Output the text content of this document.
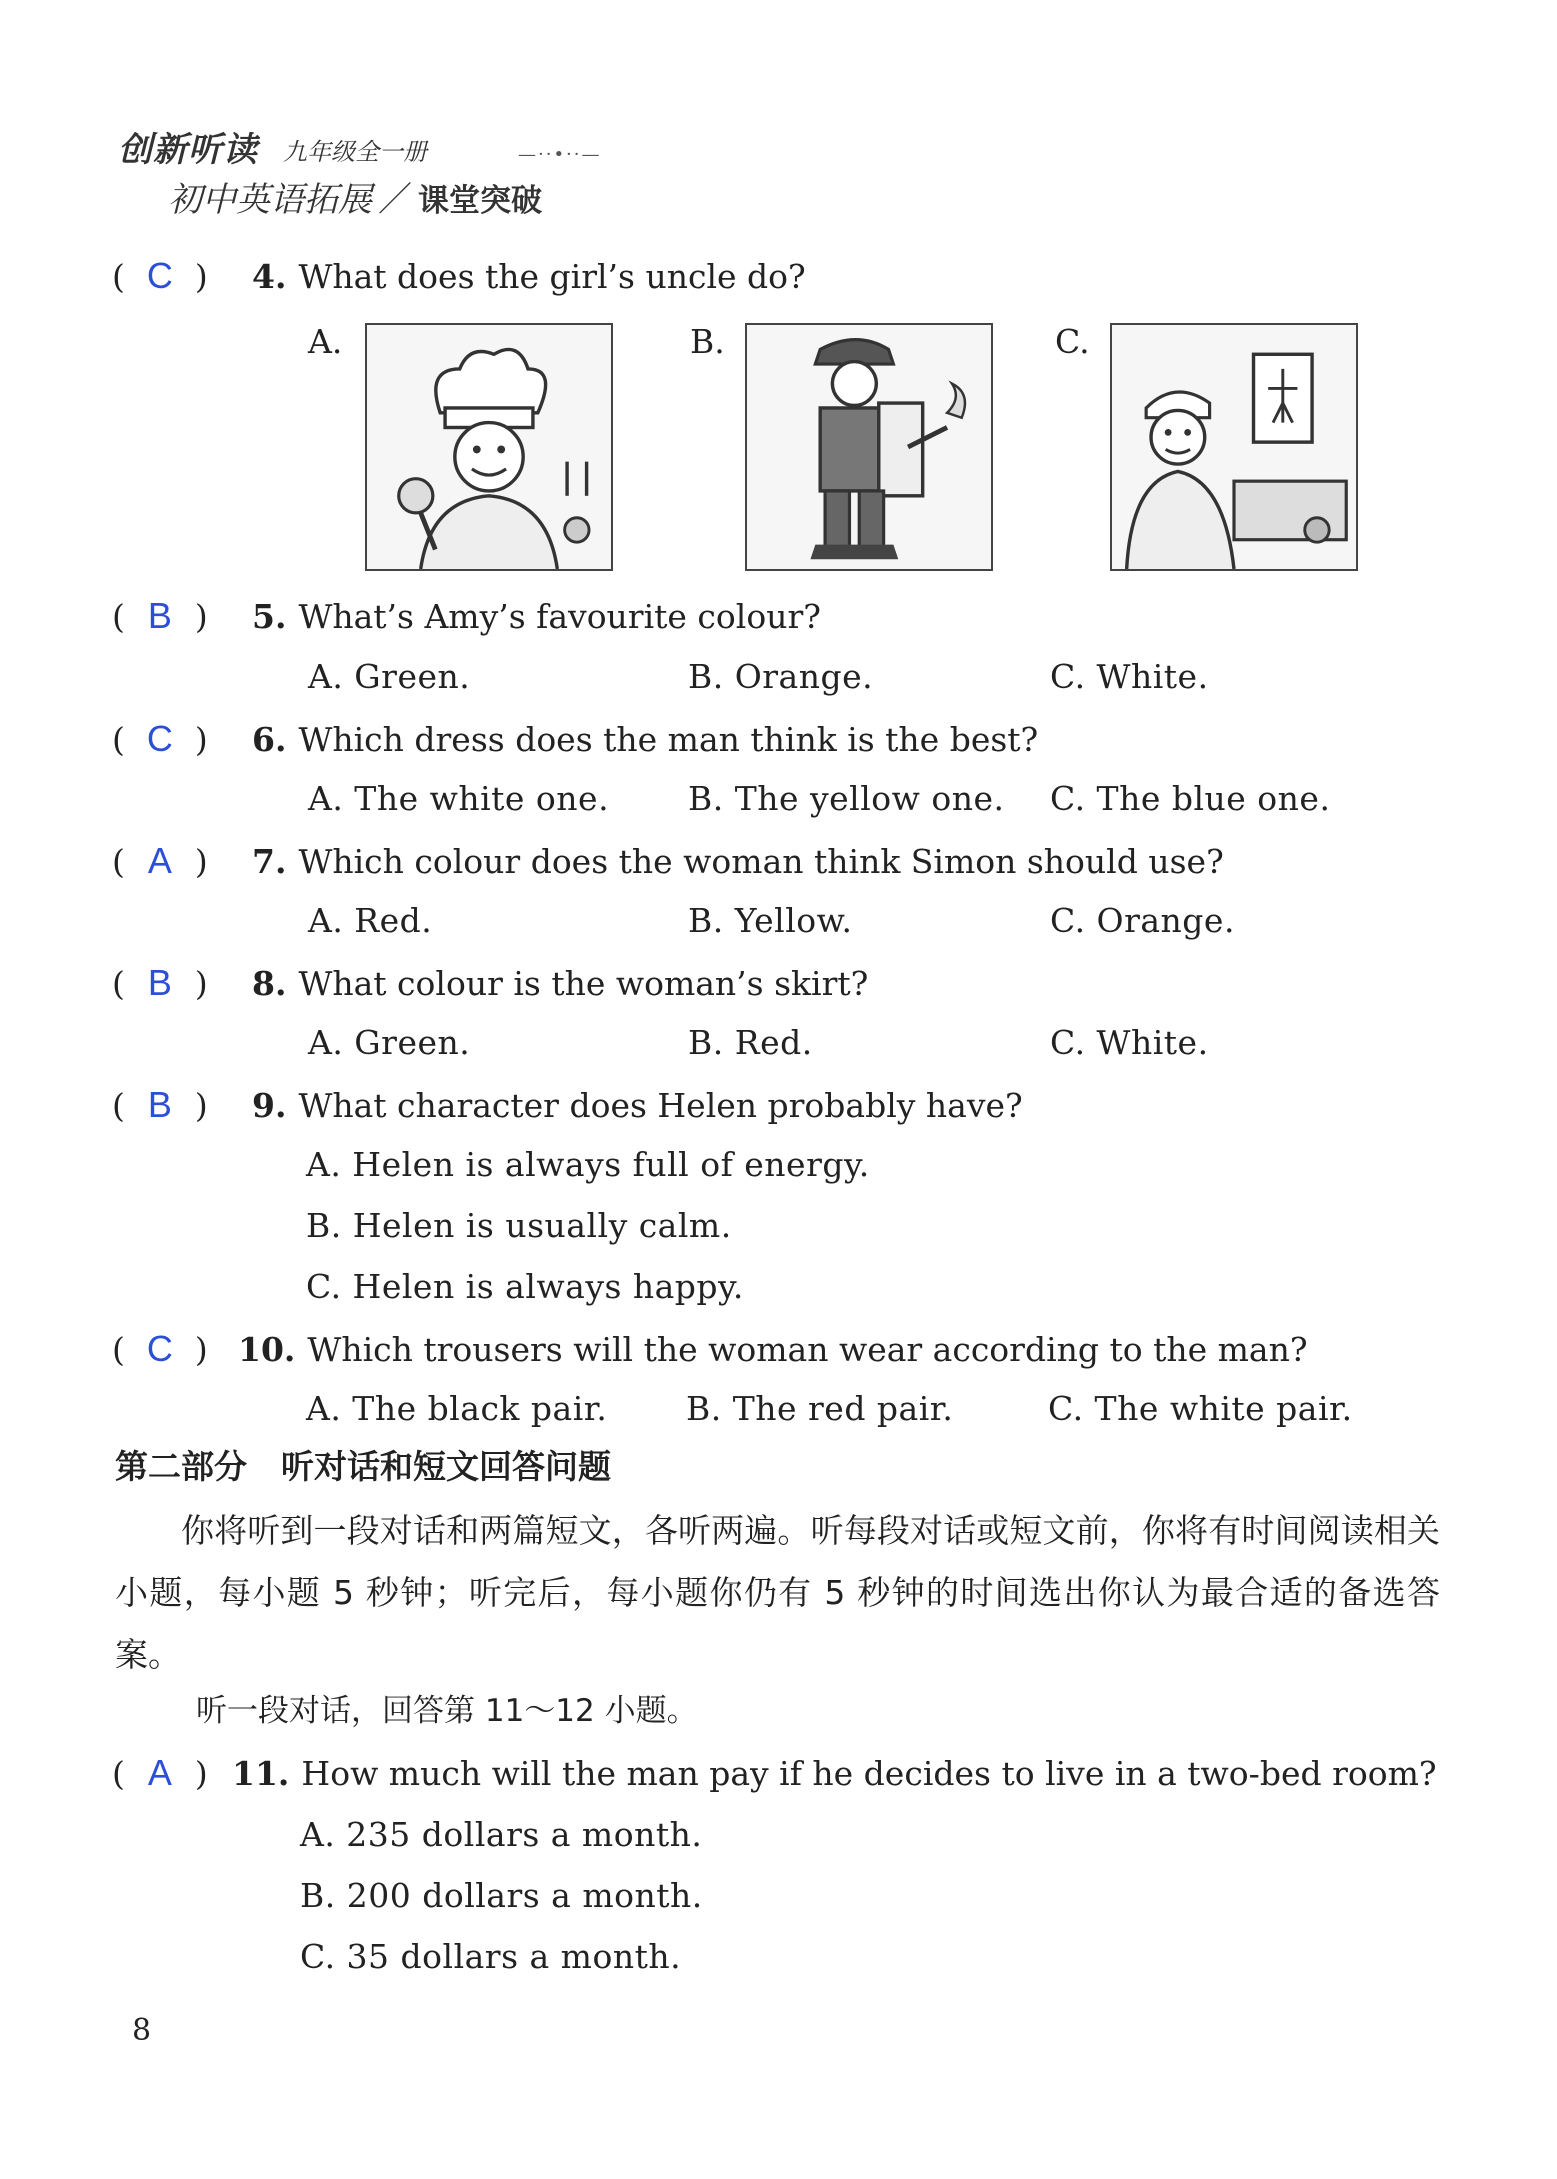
创新听读 九年级全一册	—··•··—
初中英语拓展 ／ 课堂突破
( C ) 4. What does the girl’s uncle do?
A.	B.	C.
( B ) 5. What’s Amy’s favourite colour?
A. Green.	B. Orange.	C. White.
( C ) 6. Which dress does the man think is the best?
A. The white one. B. The yellow one. C. The blue one.
( A ) 7. Which colour does the woman think Simon should use?
A. Red.	B. Yellow.	C. Orange.
( B ) 8. What colour is the woman’s skirt?
A. Green.	B. Red.	C. White.
( B ) 9. What character does Helen probably have?
A. Helen is always full of energy.
B. Helen is usually calm.
C. Helen is always happy.
( C ) 10. Which trousers will the woman wear according to the man?
A. The black pair. B. The red pair.	C. The white pair.
第二部分 听对话和短文回答问题
你将听到一段对话和两篇短文，各听两遍。听每段对话或短文前，你将有时间阅读相关小题，每小题 5 秒钟；听完后，每小题你仍有 5 秒钟的时间选出你认为最合适的备选答案。
听一段对话，回答第 11～12 小题。
( A ) 11. How much will the man pay if he decides to live in a two-bed room?
A. 235 dollars a month.
B. 200 dollars a month.
C. 35 dollars a month.
8
